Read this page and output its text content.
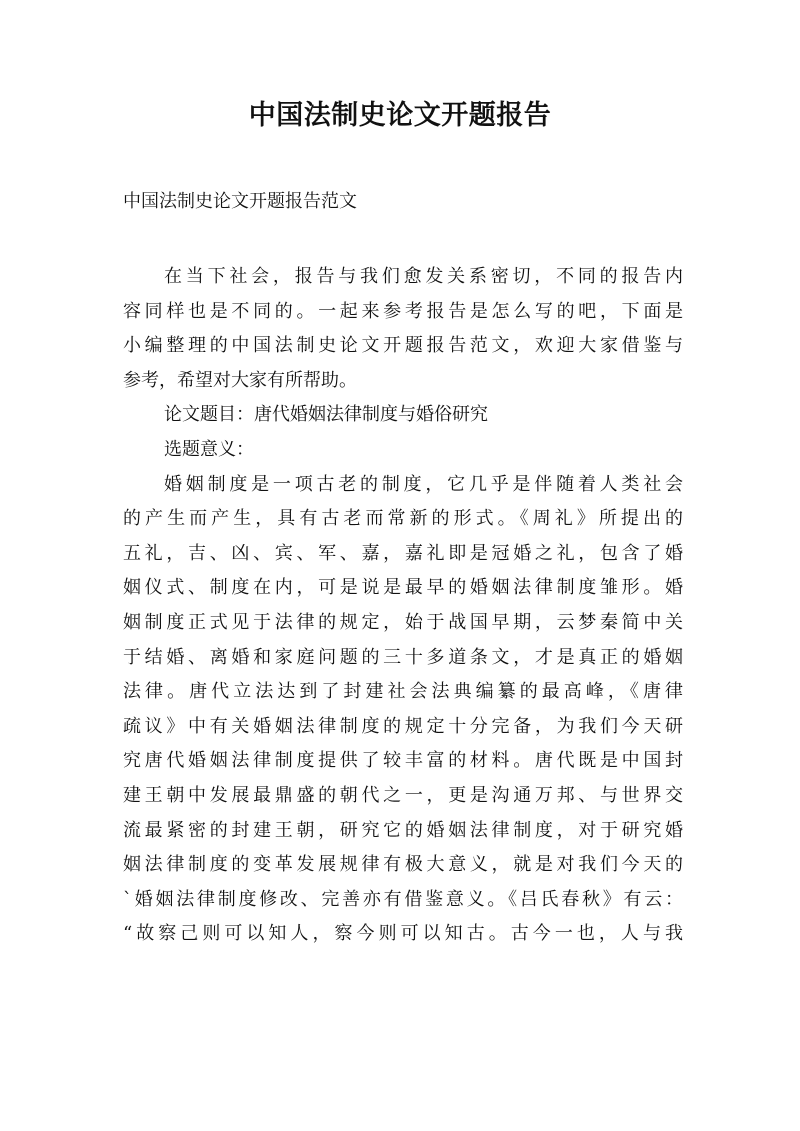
中国法制史论文开题报告
中国法制史论文开题报告范文
在当下社会，报告与我们愈发关系密切，不同的报告内
容同样也是不同的。一起来参考报告是怎么写的吧，下面是
小编整理的中国法制史论文开题报告范文，欢迎大家借鉴与
参考，希望对大家有所帮助。
论文题目：唐代婚姻法律制度与婚俗研究
选题意义：
婚姻制度是一项古老的制度，它几乎是伴随着人类社会
的产生而产生，具有古老而常新的形式。《周礼》所提出的
五礼，吉、凶、宾、军、嘉，嘉礼即是冠婚之礼，包含了婚
姻仪式、制度在内，可是说是最早的婚姻法律制度雏形。婚
姻制度正式见于法律的规定，始于战国早期，云梦秦简中关
于结婚、离婚和家庭问题的三十多道条文，才是真正的婚姻
法律。唐代立法达到了封建社会法典编纂的最高峰，《唐律
疏议》中有关婚姻法律制度的规定十分完备，为我们今天研
究唐代婚姻法律制度提供了较丰富的材料。唐代既是中国封
建王朝中发展最鼎盛的朝代之一，更是沟通万邦、与世界交
流最紧密的封建王朝，研究它的婚姻法律制度，对于研究婚
姻法律制度的变革发展规律有极大意义，就是对我们今天的
`婚姻法律制度修改、完善亦有借鉴意义。《吕氏春秋》有云：
“故察己则可以知人，察今则可以知古。古今一也，人与我
